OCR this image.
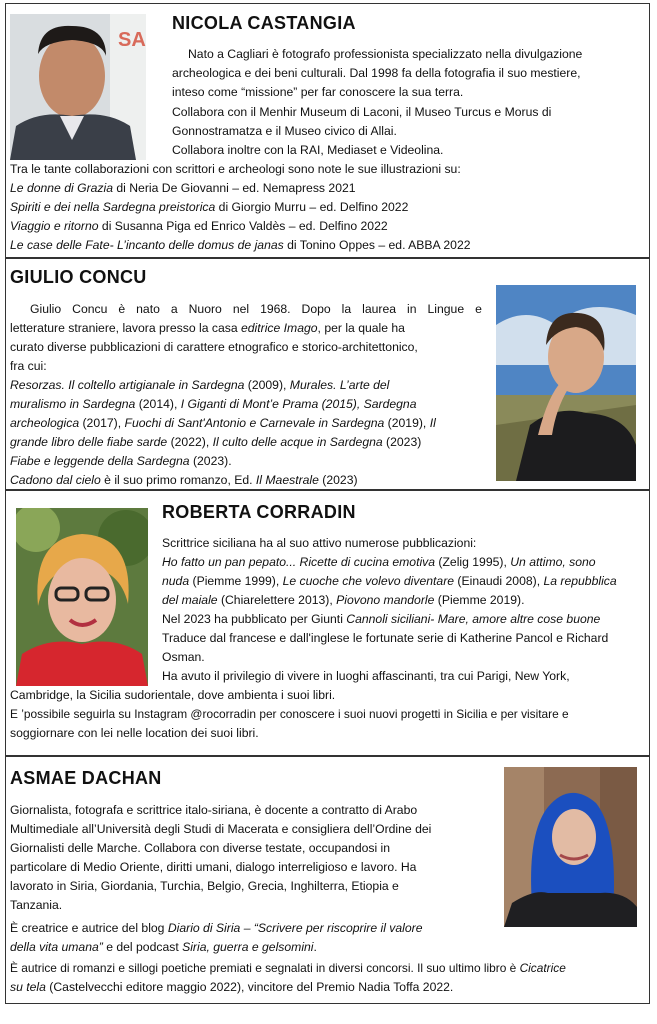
SA
NICOLA CASTANGIA

Nato a Cagliari è fotografo professionista specializzato nella divulgazione

archeologica e dei beni culturali. Dal 1998 fa della fotografia il suo mestiere,

inteso come “missione” per far conoscere la sua terra.

Collabora con il Menhir Museum di Laconi, il Museo Turcus e Morus di

Gonnostramatza e il Museo civico di Allai.

Collabora inoltre con la RAI, Mediaset e Videolina.

Tra le tante collaborazioni con scrittori e archeologi sono note le sue illustrazioni su:

Le donne di Grazia di Neria De Giovanni – ed. Nemapress 2021

Spiriti e dei nella Sardegna preistorica di Giorgio Murru – ed. Delfino 2022

Viaggio e ritorno di Susanna Piga ed Enrico Valdès – ed. Delfino 2022

Le case delle Fate- L’incanto delle domus de janas di Tonino Oppes – ed. ABBA 2022

GIULIO CONCU
Giulio Concu è nato a Nuoro nel 1968. Dopo la laurea in Lingue e

letterature straniere, lavora presso la casa editrice Imago, per la quale ha

curato diverse pubblicazioni di carattere etnografico e storico-architettonico,

fra cui:

Resorzas. Il coltello artigianale in Sardegna (2009), Murales. L’arte del

muralismo in Sardegna (2014), I Giganti di Mont’e Prama (2015), Sardegna

archeologica (2017), Fuochi di Sant'Antonio e Carnevale in Sardegna (2019), Il

grande libro delle fiabe sarde (2022), Il culto delle acque in Sardegna (2023)

Fiabe e leggende della Sardegna (2023).

Cadono dal cielo è il suo primo romanzo, Ed. Il Maestrale (2023)

ROBERTA CORRADIN

Scrittrice siciliana ha al suo attivo numerose pubblicazioni:

Ho fatto un pan pepato... Ricette di cucina emotiva (Zelig 1995), Un attimo, sono

nuda (Piemme 1999), Le cuoche che volevo diventare (Einaudi 2008), La repubblica

del maiale (Chiarelettere 2013), Piovono mandorle (Piemme 2019).

Nel 2023 ha pubblicato per Giunti Cannoli siciliani- Mare, amore altre cose buone

Traduce dal francese e dall'inglese le fortunate serie di Katherine Pancol e Richard

Osman.

Ha avuto il privilegio di vivere in luoghi affascinanti, tra cui Parigi, New York,

Cambridge, la Sicilia sudorientale, dove ambienta i suoi libri.

E ’possibile seguirla su Instagram @rocorradin per conoscere i suoi nuovi progetti in Sicilia e per visitare e

soggiornare con lei nelle location dei suoi libri.

ASMAE DACHAN

Giornalista, fotografa e scrittrice italo-siriana, è docente a contratto di Arabo

Multimediale all’Università degli Studi di Macerata e consigliera dell’Ordine dei

Giornalisti delle Marche. Collabora con diverse testate, occupandosi in

particolare di Medio Oriente, diritti umani, dialogo interreligioso e lavoro. Ha

lavorato in Siria, Giordania, Turchia, Belgio, Grecia, Inghilterra, Etiopia e

Tanzania.

È creatrice e autrice del blog Diario di Siria – “Scrivere per riscoprire il valore

della vita umana” e del podcast Siria, guerra e gelsomini.

È autrice di romanzi e sillogi poetiche premiati e segnalati in diversi concorsi. Il suo ultimo libro è Cicatrice

su tela (Castelvecchi editore maggio 2022), vincitore del Premio Nadia Toffa 2022.
